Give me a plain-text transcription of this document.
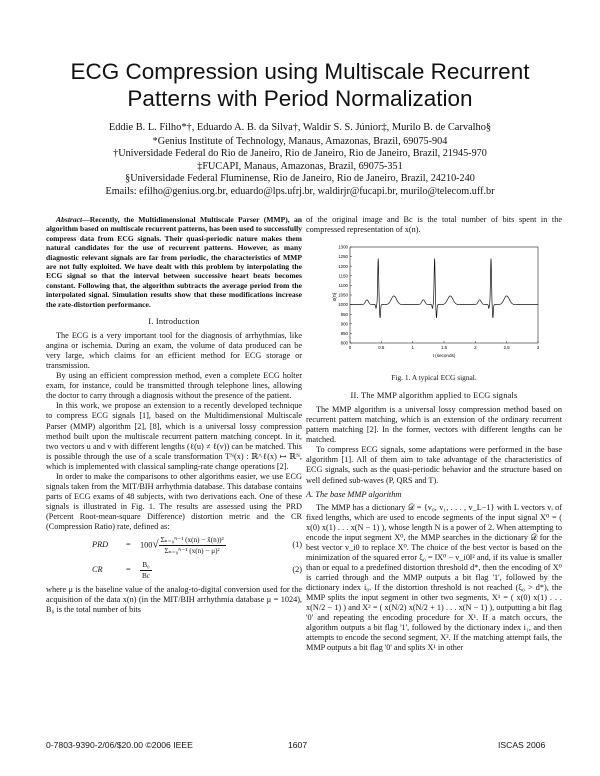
ECG Compression using Multiscale Recurrent
Patterns with Period Normalization
Eddie B. L. Filho*†, Eduardo A. B. da Silva†, Waldir S. S. Júnior‡, Murilo B. de Carvalho§
*Genius Institute of Technology, Manaus, Amazonas, Brazil, 69075-904
†Universidade Federal do Rio de Janeiro, Rio de Janeiro, Rio de Janeiro, Brazil, 21945-970
‡FUCAPI, Manaus, Amazonas, Brazil, 69075-351
§Universidade Federal Fluminense, Rio de Janeiro, Rio de Janeiro, Brazil, 24210-240
Emails: efilho@genius.org.br, eduardo@lps.ufrj.br, waldirjr@fucapi.br, murilo@telecom.uff.br

Abstract—Recently, the Multidimensional Multiscale Parser (MMP), an algorithm based on multiscale recurrent patterns, has been used to successfully compress data from ECG signals. Their quasi-periodic nature makes them natural candidates for the use of recurrent patterns. However, as many diagnostic relevant signals are far from periodic, the characteristics of MMP are not fully exploited. We have dealt with this problem by interpolating the ECG signal so that the interval between successive heart beats becomes constant. Following that, the algorithm subtracts the average period from the interpolated signal. Simulation results show that these modifications increase the rate-distortion performance.

I. Introduction

The ECG is a very important tool for the diagnosis of arrhythmias, like angina or ischemia. During an exam, the volume of data produced can be very large, which claims for an efficient method for ECG storage or transmission.

By using an efficient compression method, even a complete ECG holter exam, for instance, could be transmitted through telephone lines, allowing the doctor to carry through a diagnosis without the presence of the patient.

In this work, we propose an extension to a recently developed technique to compress ECG signals [1], based on the Multidimensional Multiscale Parser (MMP) algorithm [2], [8], which is a universal lossy compression method built upon the multiscale recurrent pattern matching concept. In it, two vectors u and v with different lengths (ℓ(u) ≠ ℓ(v)) can be matched. This is possible through the use of a scale transformation Tᴺ(x) : ℝ^ℓ(x) ↦ ℝᴺ, which is implemented with classical sampling-rate change operations [2].

In order to make the comparisons to other algorithms easier, we use ECG signals taken from the MIT/BIH arrhythmia database. This database contains parts of ECG exams of 48 subjects, with two derivations each. One of these signals is illustrated in Fig. 1. The results are assessed using the PRD (Percent Root-mean-square Difference) distortion metric and the CR (Compression Ratio) rate, defined as:

PRD = $100√ \frac{\text{Σₙ₌₀ᴺ⁻¹ (x(n) − x̂(n))²}}{\text{Σₙ₌₀ᴺ⁻¹ (x(n) − μ)²}}$	(1)
CR	= $\frac{\text{B₀}}{Bc}$	(2)

where μ is the baseline value of the analog-to-digital conversion used for the acquisition of the data x(n) (in the MIT/BIH arrhythmia database μ = 1024), B₀ is the total number of bits

of the original image and Bc is the total number of bits spent in the compressed representation of x(n).

800
850
900
950
1000
1050
1100
1150
1200
1250
1300
0	0.5	1	1.5	2	2.5	3
x(n)
t (seconds)
Fig. 1. A typical ECG signal.
II. The MMP algorithm applied to ECG signals

The MMP algorithm is a universal lossy compression method based on recurrent pattern matching, which is an extension of the ordinary recurrent pattern matching [2]. In the former, vectors with different lengths can be matched.

To compress ECG signals, some adaptations were performed in the base algorithm [1]. All of them aim to take advantage of the characteristics of ECG signals, such as the quasi-periodic behavior and the structure based on well defined sub-waves (P, QRS and T).

A. The base MMP algorithm

The MMP has a dictionary 𝒟 = {v₀, v₁, . . . , v_L−1} with L vectors vᵢ of fixed lengths, which are used to encode segments of the input signal X⁰ = ( x(0) x(1) . . . x(N − 1) ), whose length N is a power of 2. When attempting to encode the input segment X⁰, the MMP searches in the dictionary 𝒟 for the best vector v_i0 to replace X⁰. The choice of the best vector is based on the minimization of the squared error ξ₀ = ‖X⁰ − v_i0‖² and, if its value is smaller than or equal to a predefined distortion threshold d*, then the encoding of X⁰ is carried through and the MMP outputs a bit flag '1', followed by the dictionary index i₀. If the distortion threshold is not reached (ξ₀ > d*), the MMP splits the input segment in other two segments, X¹ = ( x(0) x(1) . . . x(N/2 − 1) ) and X² = ( x(N/2) x(N/2 + 1) . . . x(N − 1) ), outputting a bit flag '0' and repeating the encoding procedure for X¹. If a match occurs, the algorithm outputs a bit flag '1', followed by the dictionary index i₁, and then attempts to encode the second segment, X². If the matching attempt fails, the MMP outputs a bit flag '0' and splits X¹ in other

0-7803-9390-2/06/$20.00 ©2006 IEEE	1607	ISCAS 2006
